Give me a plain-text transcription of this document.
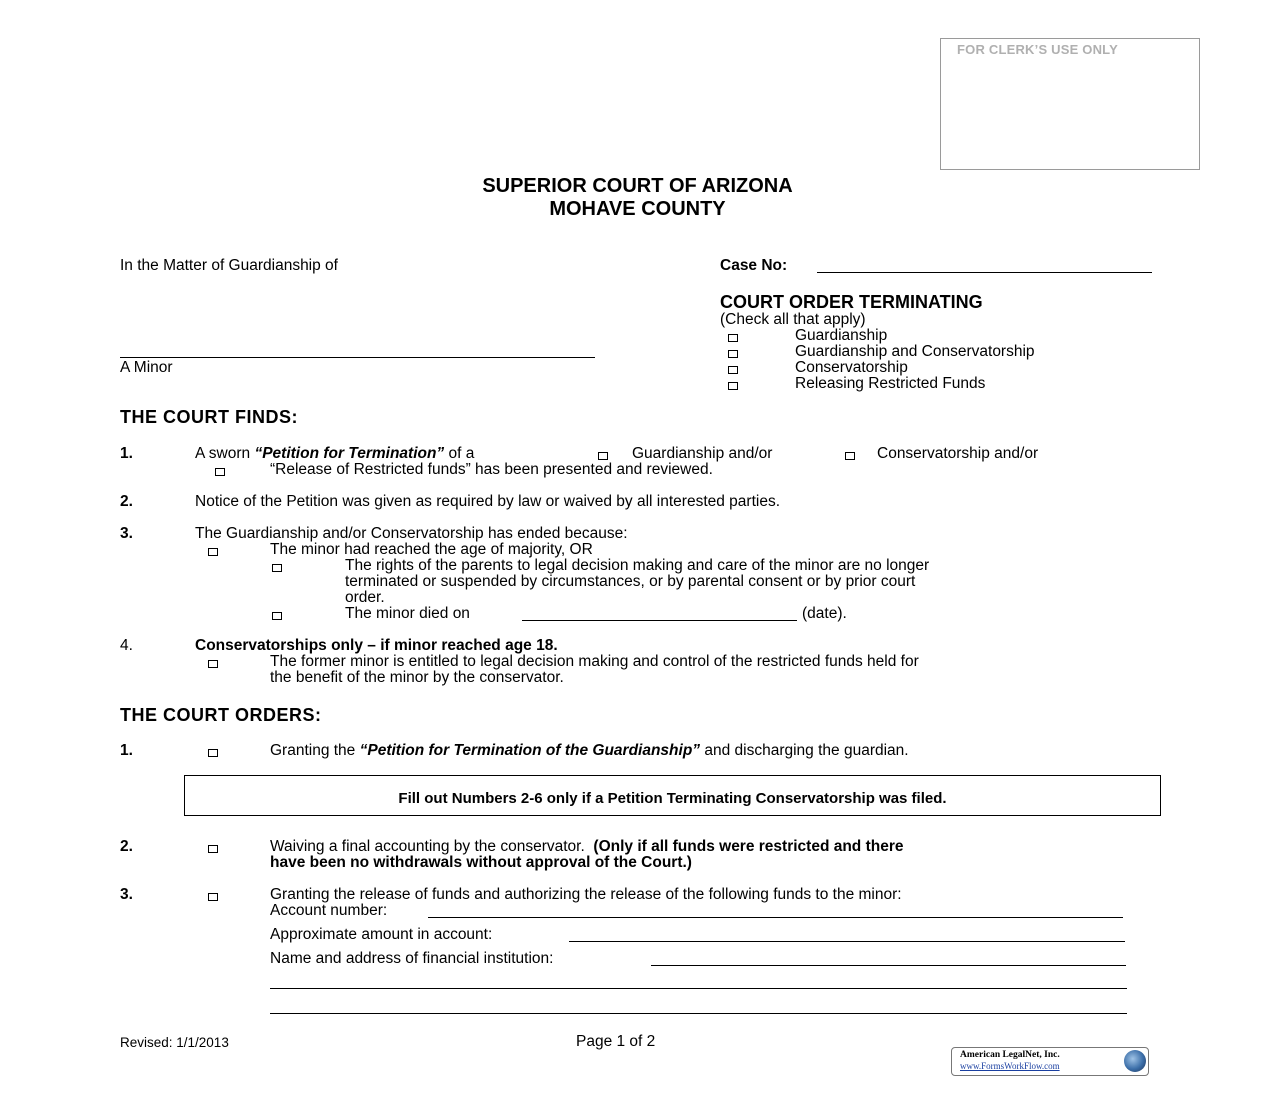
FOR CLERK’S USE ONLY
SUPERIOR COURT OF ARIZONA
MOHAVE COUNTY
In the Matter of Guardianship of
A Minor
Case No:
COURT ORDER TERMINATING
(Check all that apply)
Guardianship
Guardianship and Conservatorship
Conservatorship
Releasing Restricted Funds
THE COURT FINDS:
1.	A sworn “Petition for Termination” of a	Guardianship and/or	Conservatorship and/or
“Release of Restricted funds” has been presented and reviewed.
2.	Notice of the Petition was given as required by law or waived by all interested parties.
3.	The Guardianship and/or Conservatorship has ended because:
The minor had reached the age of majority, OR
The rights of the parents to legal decision making and care of the minor are no longer
terminated or suspended by circumstances, or by parental consent or by prior court
order.
The minor died on	(date).
4.	Conservatorships only – if minor reached age 18.
The former minor is entitled to legal decision making and control of the restricted funds held for
the benefit of the minor by the conservator.
THE COURT ORDERS:
1.	Granting the “Petition for Termination of the Guardianship” and discharging the guardian.
Fill out Numbers 2-6 only if a Petition Terminating Conservatorship was filed.
2.	Waiving a final accounting by the conservator. (Only if all funds were restricted and there
have been no withdrawals without approval of the Court.)
3.	Granting the release of funds and authorizing the release of the following funds to the minor:
Account number:
Approximate amount in account:
Name and address of financial institution:
Revised: 1/1/2013	Page 1 of 2
American LegalNet, Inc.
www.FormsWorkFlow.com
